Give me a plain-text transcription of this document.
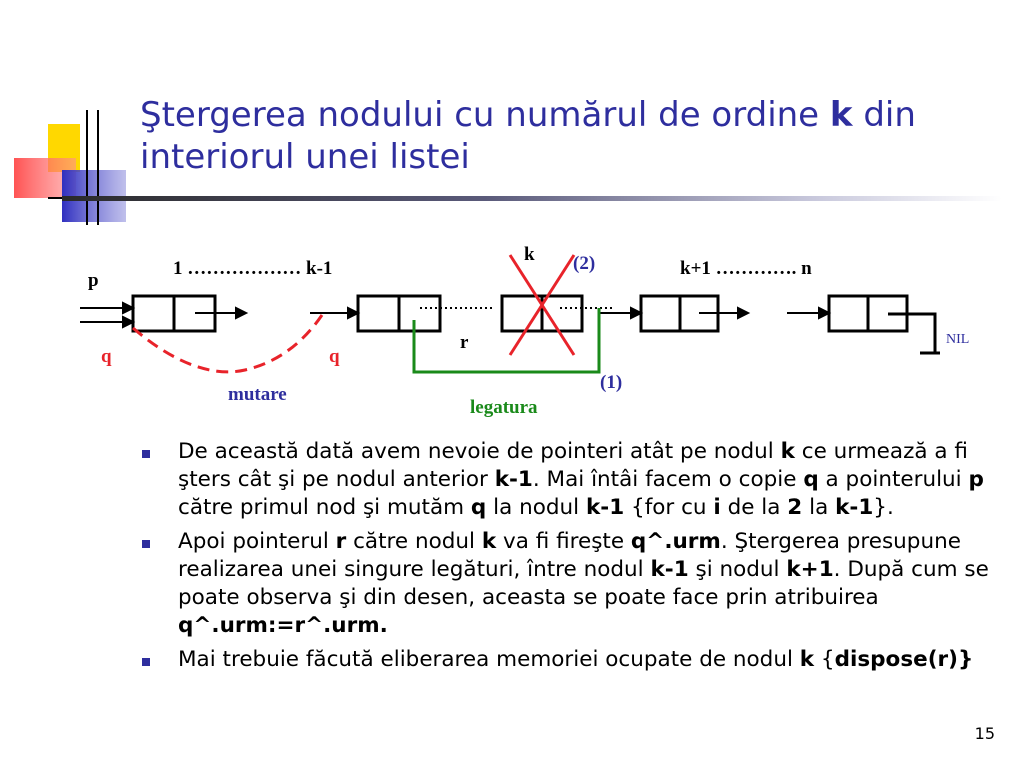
Ştergerea nodului cu numărul de ordine k din interiorul unei listei
1 ……………… k-1
k (2)	k+1 …………. n
p
q	q
r
(1)
NIL
mutare
legatura
De această dată avem nevoie de pointeri atât pe nodul k ce urmează a fi şters cât şi pe nodul anterior k-1. Mai întâi facem o copie q a pointerului p către primul nod şi mutăm q la nodul k-1 {for cu i de la 2 la k-1}.
Apoi pointerul r către nodul k va fi fireşte q^.urm. Ştergerea presupune realizarea unei singure legături, între nodul k-1 şi nodul k+1. După cum se poate observa şi din desen, aceasta se poate face prin atribuirea q^.urm:=r^.urm.
Mai trebuie făcută eliberarea memoriei ocupate de nodul k {dispose(r)}
15
